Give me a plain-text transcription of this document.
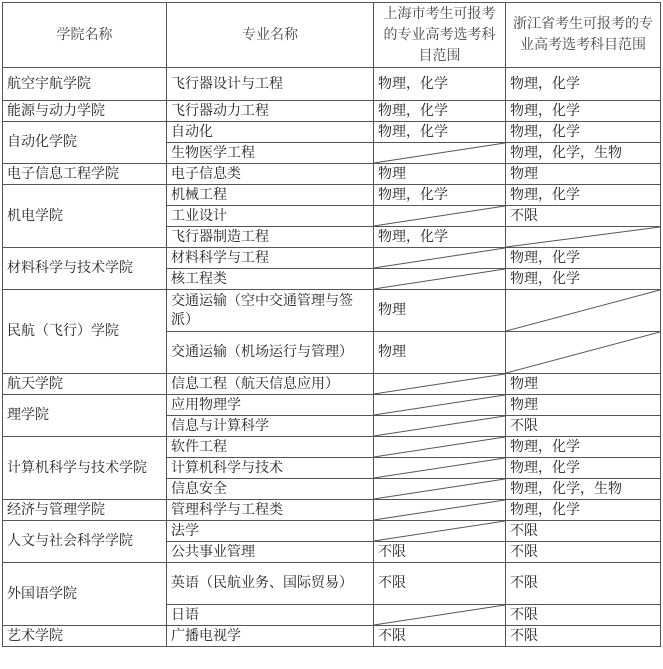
学院名称	专业名称	上海市考生可报考的专业高考选考科目范围	浙江省考生可报考的专业高考选考科目范围
航空宇航学院	飞行器设计与工程	物理，化学	物理，化学
能源与动力学院	飞行器动力工程	物理，化学	物理，化学
自动化学院	自动化	物理，化学	物理，化学
	生物医学工程		物理，化学，生物
电子信息工程学院	电子信息类	物理	物理
机电学院	机械工程	物理，化学	物理，化学
	工业设计		不限
	飞行器制造工程	物理，化学	

材料科学与技术学院	材料科学与工程		物理，化学
	核工程类		物理，化学
民航（飞行）学院	交通运输（空中交通管理与签派）	物理	

	交通运输（机场运行与管理）	物理	

航天学院	信息工程（航天信息应用）		物理
理学院	应用物理学		物理
	信息与计算科学		不限
计算机科学与技术学院	软件工程		物理，化学
	计算机科学与技术		物理，化学
	信息安全		物理，化学，生物
经济与管理学院	管理科学与工程类		物理，化学
人文与社会科学学院	法学		不限
	公共事业管理	不限	不限
外国语学院	英语（民航业务、国际贸易）	不限	不限
	日语		不限
艺术学院	广播电视学	不限	不限
